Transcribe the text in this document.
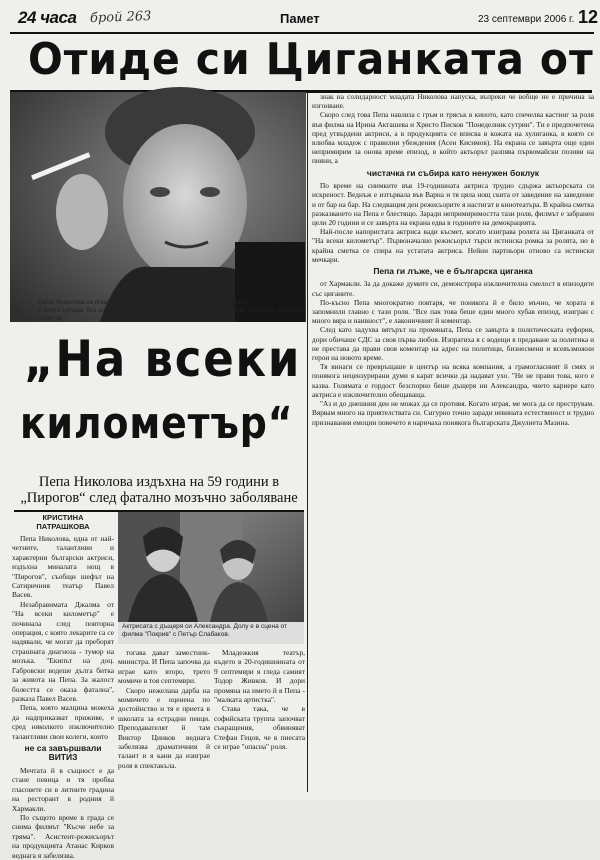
24 часа брой 263	Памет	23 септември 2006 г. 12
Отиде си Циганката от
Пепа Николова се пошегува, че голямата й роля е била на цигарката с много цигари, без значение дали коментира постановка или някой политик.
СНИМКИ: "24 ЧАСА"
„На всеки
километър“
Пепа Николова издъхна на 59 години в „Пирогов“ след фатално мозъчно заболяване
КРИСТИНА
ПАТРАШКОВА

Пепа Николова, една от най-четните, талантливи и характерни български актриси, издъхна миналата нощ в "Пирогов", съобщи шефът на Сатиричния театър Павел Васев.

Незабравимата Джалма от "На всеки километър" е починала след повторна операция, с която лекарите са се надявали, че могат да преборят страшната диагноза - тумор на мозъка. "Екипът на доц. Габровски водеше дълга битка за живота на Пепа. За жалост болестта се оказа фатална", разказа Павел Васев.

Пепа, която малцина можеха да надприказват приживе, е сред няколкото изключително талантливи свои колеги, които

не са завършвали ВИТИЗ

Мечтата й в същност е да стане певица и тя пробва гласовете си в литните градина на ресторант в родния й Хармакли.

По същото време в града се снима филмът "Късче небе за тряма". Асистент-режисьорът на продукцията Атанас Кирков веднага я забелязва.

Актрисата с дъщеря си Александра. Долу е в сцена от филма "Покрив" с Петър Слабаков.

тогава дават заместник-министра. И Пепа започва да играе като второ, трето момиче в тоя септември.

Скоро нежелана дарба на момичето е оценена по достойнство и тя е приета в школата за естрадни певци. Преподавателят й там Виктор Цинков веднага забелязва драматичния й талант и я кани да изиграе роля в спектакъла.

Младежкия театър, където в 20-годишнината от 9 септември я гледа самият Тодор Живков. И дори промяна на името й в Пепа - "малката артистка".

Става така, че в софийската труппа започват съкращения, обвиняват Стефан Гецов, че в пиесата се играе "опасна" роля.

знак на солидарност младата Николова напуска, въпреки че вобще не е причина за изгонване.

Скоро след това Пепа навлиза с гръм и трясък в киното, като спечелва кастинг за роля във филма на Ирина Акташева и Христо Писков "Понеделник сутрин". Ти е предпочетена пред утвърдени актриси, а в продукцията се вписва в кожата на хулиганка, в която се влюбва младеж с правилни убеждения (Асен Кисимов). На екрана се завърта още един непримирим за онова време епизод, в който актьорът разпява първомайски позиви на пияни, а

чистачка ги събира като ненужен боклук

По време на снимките във 19-годишната актриса трудно сдържа актьорската си искреност. Веднъж е изтървала във Варна и тя цяла нощ скита от заведение на заведение и от бар на бар. На следващия ден режисьорите я настигат в кинотеатъра. В крайна сметка разказването на Пепа е блестящо. Заради непримиримостта тази роля, филмът е забранен цели 20 години и се завърта на екрана едва в годините на демокрацията.

Най-после напористата актриса вади късмет, когато изиграва ролята на Циганката от "На всеки километър". Първоначално режисьорът търси истинска ромка за ролята, но в крайна сметка се спира на устатата актриса. Нейни партньори отново са истински мечкари.

Пепа ги лъже, че е българска циганка

от Хармакли. За да докаже думите си, демонстрира изключителна смелост в епизодите със циганите.

По-късно Пепа многократно повтаря, че понякога й е било мъчно, че хората я запомнили главно с тази роля. "Все пак това беше един много хубав епизод, изигран с много вяра и наивност", е лаконичният й коментар.

След като задухва вятърът на промяната, Пепа се завърта в политическата еуфория, дори обичаше СДС за своя първа любов. Изпратиха я с водещи в предаване за политика и не престава да прави своя коментар на адрес на политици, бизнесмени и всевъзможни герои на новото време.

Тя винаги се превръщаше в център на всяка компания, а грамогласният й смях и понякога нецензурирани думи я карат всички да надават ухо. "Не не прави това, кого е казва. Голямата е гордост безспорно беше дъщеря ни Александра, чието кариере като актриса е изключително обещаваща.

"Аз и до днешния ден не можах да се противя. Когато играя, ме мога да се преструвам. Вярвам много на приятелствата си. Сигурно точно заради невината естественост и трудно признавания емоции повечето я наричаха понякога българската Джулиета Мазина.
